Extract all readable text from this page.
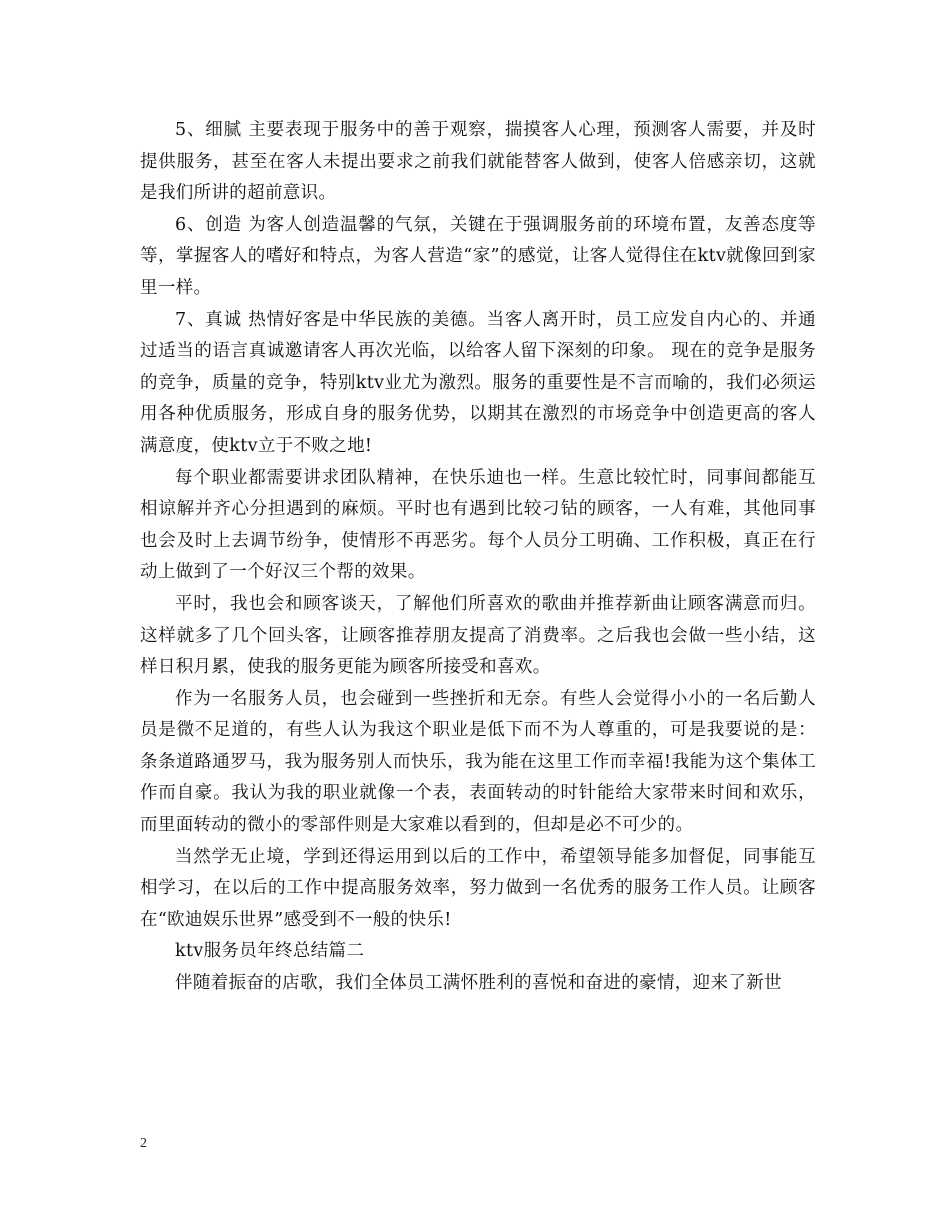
5、细腻 主要表现于服务中的善于观察，揣摸客人心理，预测客人需要，并及时提供服务，甚至在客人未提出要求之前我们就能替客人做到，使客人倍感亲切，这就是我们所讲的超前意识。

6、创造 为客人创造温馨的气氛，关键在于强调服务前的环境布置，友善态度等等，掌握客人的嗜好和特点，为客人营造“家”的感觉，让客人觉得住在ktv就像回到家里一样。

7、真诚 热情好客是中华民族的美德。当客人离开时，员工应发自内心的、并通过适当的语言真诚邀请客人再次光临，以给客人留下深刻的印象。 现在的竞争是服务的竞争，质量的竞争，特别ktv业尤为激烈。服务的重要性是不言而喻的，我们必须运用各种优质服务，形成自身的服务优势，以期其在激烈的市场竞争中创造更高的客人满意度，使ktv立于不败之地!

每个职业都需要讲求团队精神，在快乐迪也一样。生意比较忙时，同事间都能互相谅解并齐心分担遇到的麻烦。平时也有遇到比较刁钻的顾客，一人有难，其他同事也会及时上去调节纷争，使情形不再恶劣。每个人员分工明确、工作积极，真正在行动上做到了一个好汉三个帮的效果。

平时，我也会和顾客谈天，了解他们所喜欢的歌曲并推荐新曲让顾客满意而归。这样就多了几个回头客，让顾客推荐朋友提高了消费率。之后我也会做一些小结，这样日积月累，使我的服务更能为顾客所接受和喜欢。

作为一名服务人员，也会碰到一些挫折和无奈。有些人会觉得小小的一名后勤人员是微不足道的，有些人认为我这个职业是低下而不为人尊重的，可是我要说的是：条条道路通罗马，我为服务别人而快乐，我为能在这里工作而幸福!我能为这个集体工作而自豪。我认为我的职业就像一个表，表面转动的时针能给大家带来时间和欢乐，而里面转动的微小的零部件则是大家难以看到的，但却是必不可少的。

当然学无止境，学到还得运用到以后的工作中，希望领导能多加督促，同事能互相学习，在以后的工作中提高服务效率，努力做到一名优秀的服务工作人员。让顾客在“欧迪娱乐世界”感受到不一般的快乐!

ktv服务员年终总结篇二

伴随着振奋的店歌，我们全体员工满怀胜利的喜悦和奋进的豪情，迎来了新世

2
